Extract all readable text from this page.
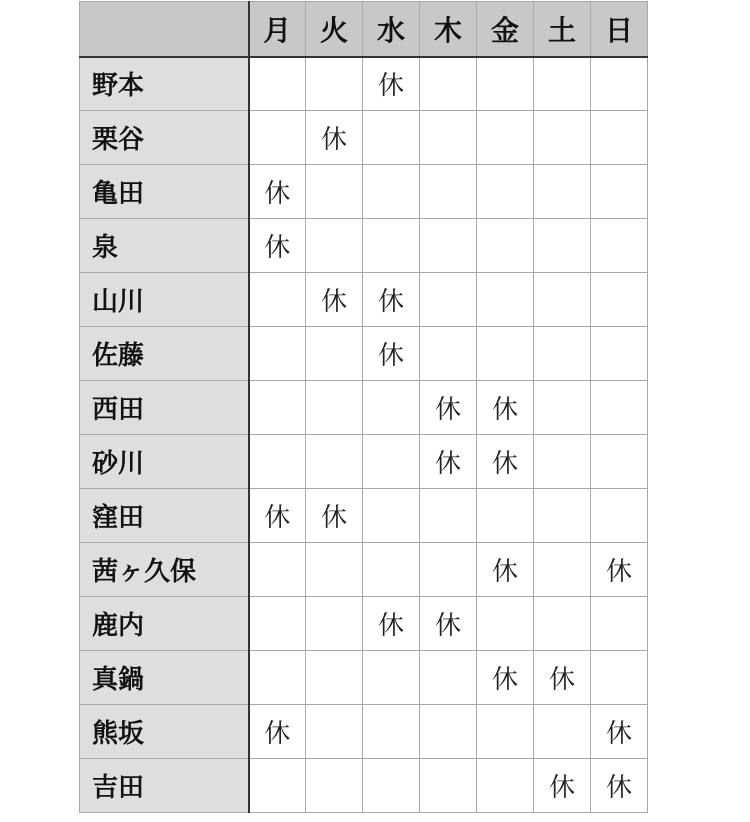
	月	火	水	木	金	土	日
野本			休				
栗谷		休					
亀田	休						
泉	休						
山川		休	休				
佐藤			休				
西田				休	休		
砂川				休	休		
窪田	休	休					
茜ヶ久保					休		休
鹿内			休	休			
真鍋					休	休	
熊坂	休						休
吉田						休	休
